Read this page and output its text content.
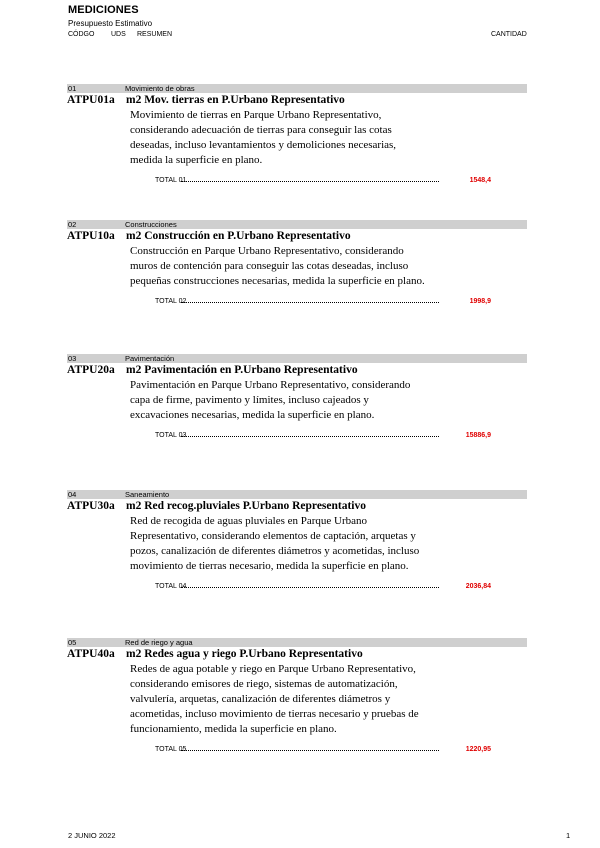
MEDICIONES
Presupuesto Estimativo
CÓDGO UDS RESUMEN	CANTIDAD
01	Movimiento de obras
ATPU01a m2 Mov. tierras en P.Urbano Representativo

Movimiento de tierras en Parque Urbano Representativo, considerando adecuación de tierras para conseguir las cotas deseadas, incluso levantamientos y demoliciones necesarias, medida la superficie en plano.

TOTAL 01	1548,4
02	Construcciones
ATPU10a m2 Construcción en P.Urbano Representativo

Construcción en Parque Urbano Representativo, considerando muros de contención para conseguir las cotas deseadas, incluso pequeñas construcciones necesarias, medida la superficie en plano.

TOTAL 02	1998,9
03	Pavimentación
ATPU20a m2 Pavimentación en P.Urbano Representativo

Pavimentación en Parque Urbano Representativo, considerando capa de firme, pavimento y límites, incluso cajeados y excavaciones necesarias, medida la superficie en plano.

TOTAL 03	15886,9
04	Saneamiento
ATPU30a m2 Red recog.pluviales P.Urbano Representativo

Red de recogida de aguas pluviales en Parque Urbano Representativo, considerando elementos de captación, arquetas y pozos, canalización de diferentes diámetros y acometidas, incluso movimiento de tierras necesario, medida la superficie en plano.

TOTAL 04	2036,84
05	Red de riego y agua
ATPU40a m2 Redes agua y riego P.Urbano Representativo

Redes de agua potable y riego en Parque Urbano Representativo, considerando emisores de riego, sistemas de automatización, valvulería, arquetas, canalización de diferentes diámetros y acometidas, incluso movimiento de tierras necesario y pruebas de funcionamiento, medida la superficie en plano.

TOTAL 05	1220,95
2 JUNIO 2022	1
